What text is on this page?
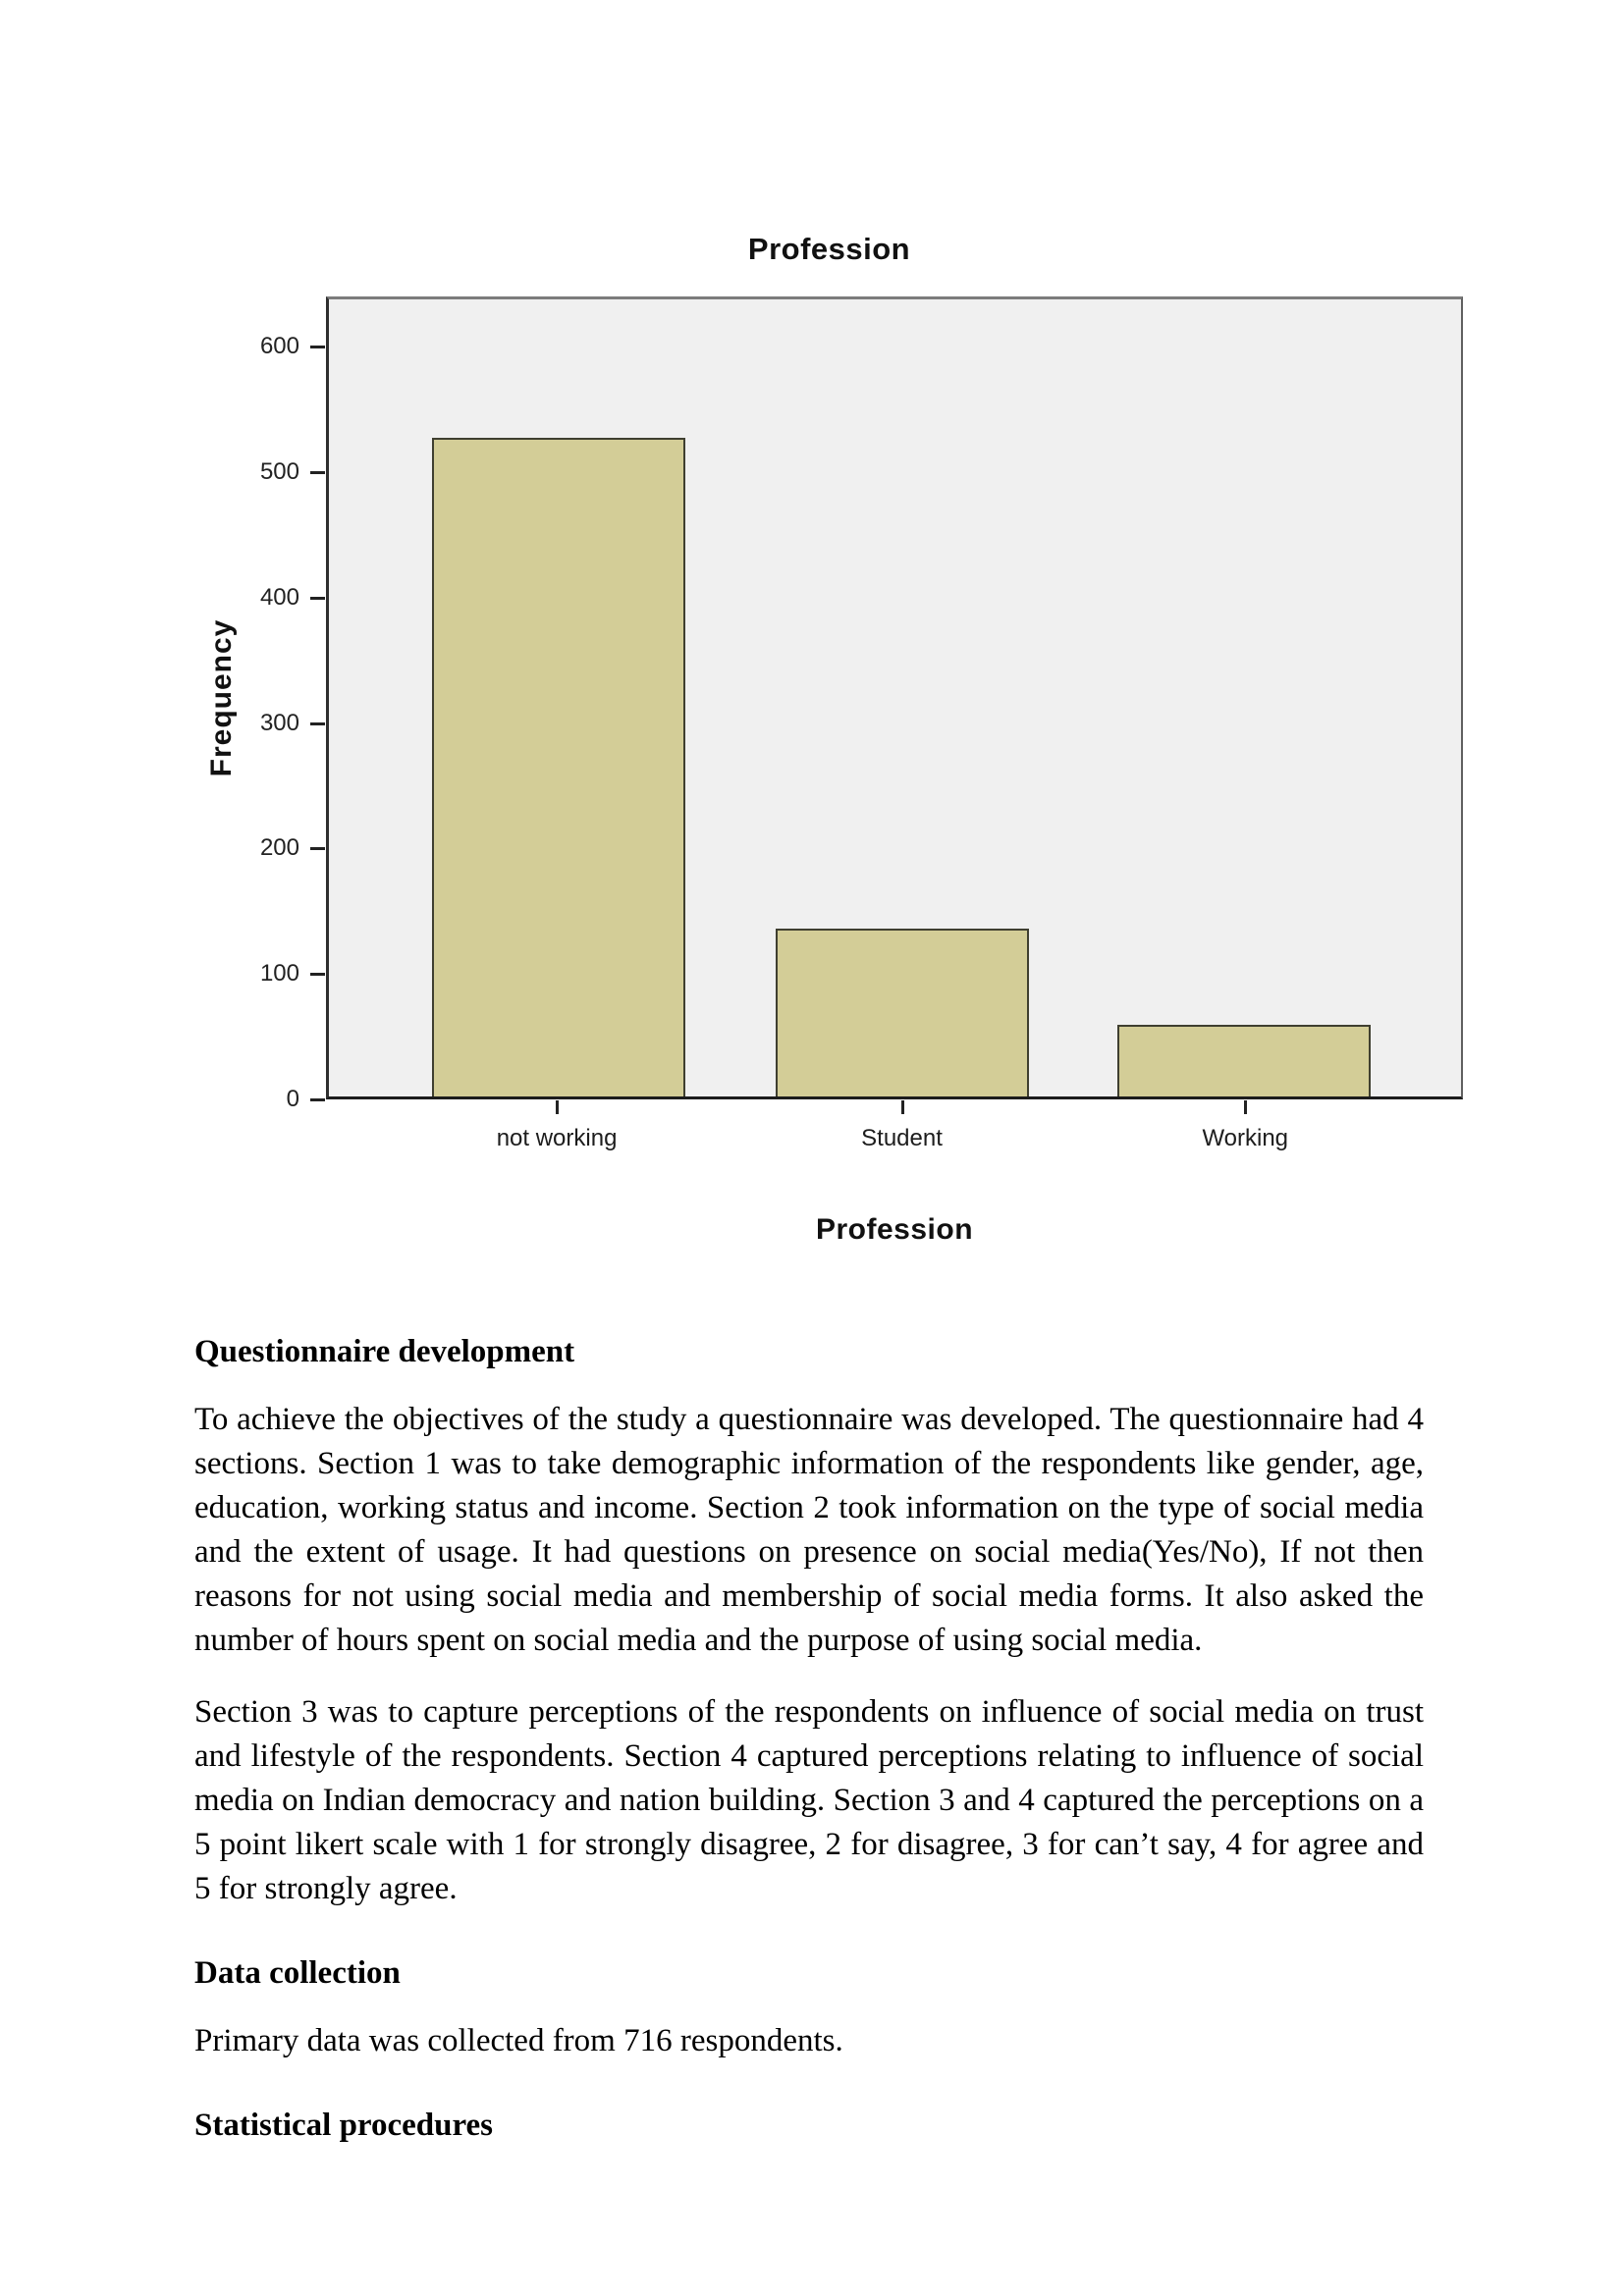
Profession
Frequency
0
100
200
300
400
500
600
not working	Student	Working
Profession
Questionnaire development

To achieve the objectives of the study a questionnaire was developed. The questionnaire had 4 sections. Section 1 was to take demographic information of the respondents like gender, age, education, working status and income. Section 2 took information on the type of social media and the extent of usage. It had questions on presence on social media(Yes/No), If not then reasons for not using social media and membership of social media forms. It also asked the number of hours spent on social media and the purpose of using social media.

Section 3 was to capture perceptions of the respondents on influence of social media on trust and lifestyle of the respondents. Section 4 captured perceptions relating to influence of social media on Indian democracy and nation building. Section 3 and 4 captured the perceptions on a 5 point likert scale with 1 for strongly disagree, 2 for disagree, 3 for can’t say, 4 for agree and 5 for strongly agree.

Data collection

Primary data was collected from 716 respondents.

Statistical procedures
